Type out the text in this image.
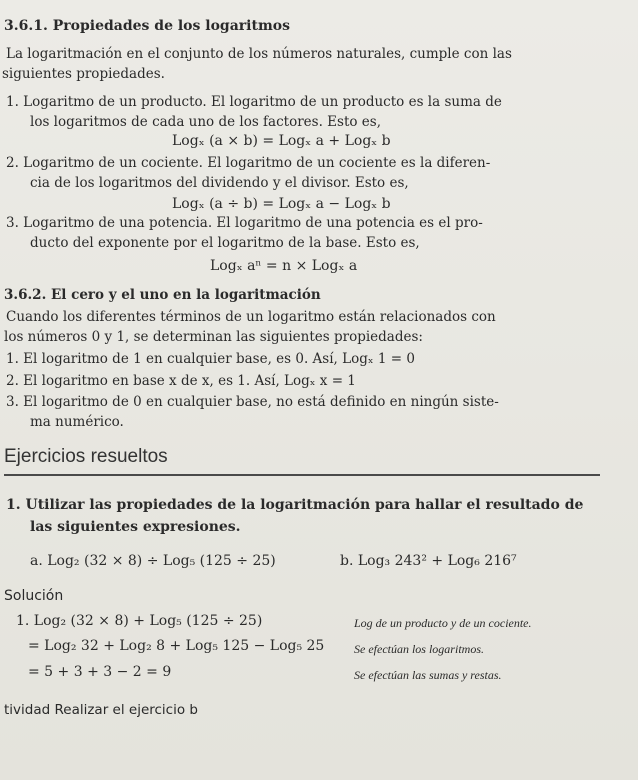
3.6.1. Propiedades de los logaritmos
La logaritmación en el conjunto de los números naturales, cumple con las
siguientes propiedades.
1. Logaritmo de un producto. El logaritmo de un producto es la suma de
los logaritmos de cada uno de los factores. Esto es,
Logₓ (a × b) = Logₓ a + Logₓ b
2. Logaritmo de un cociente. El logaritmo de un cociente es la diferen-
cia de los logaritmos del dividendo y el divisor. Esto es,
Logₓ (a ÷ b) = Logₓ a − Logₓ b
3. Logaritmo de una potencia. El logaritmo de una potencia es el pro-
ducto del exponente por el logaritmo de la base. Esto es,
Logₓ aⁿ = n × Logₓ a
3.6.2. El cero y el uno en la logaritmación
Cuando los diferentes términos de un logaritmo están relacionados con
los números 0 y 1, se determinan las siguientes propiedades:
1. El logaritmo de 1 en cualquier base, es 0. Así, Logₓ 1 = 0
2. El logaritmo en base x de x, es 1. Así, Logₓ x = 1
3. El logaritmo de 0 en cualquier base, no está definido en ningún siste-
ma numérico.
Ejercicios resueltos
1. Utilizar las propiedades de la logaritmación para hallar el resultado de
las siguientes expresiones.
a. Log₂ (32 × 8) ÷ Log₅ (125 ÷ 25)	b. Log₃ 243² + Log₆ 216⁷
Solución
1. Log₂ (32 × 8) + Log₅ (125 ÷ 25)	Log de un producto y de un cociente.
= Log₂ 32 + Log₂ 8 + Log₅ 125 − Log₅ 25 Se efectúan los logaritmos.
= 5 + 3 + 3 − 2 = 9	Se efectúan las sumas y restas.
tividad Realizar el ejercicio b
